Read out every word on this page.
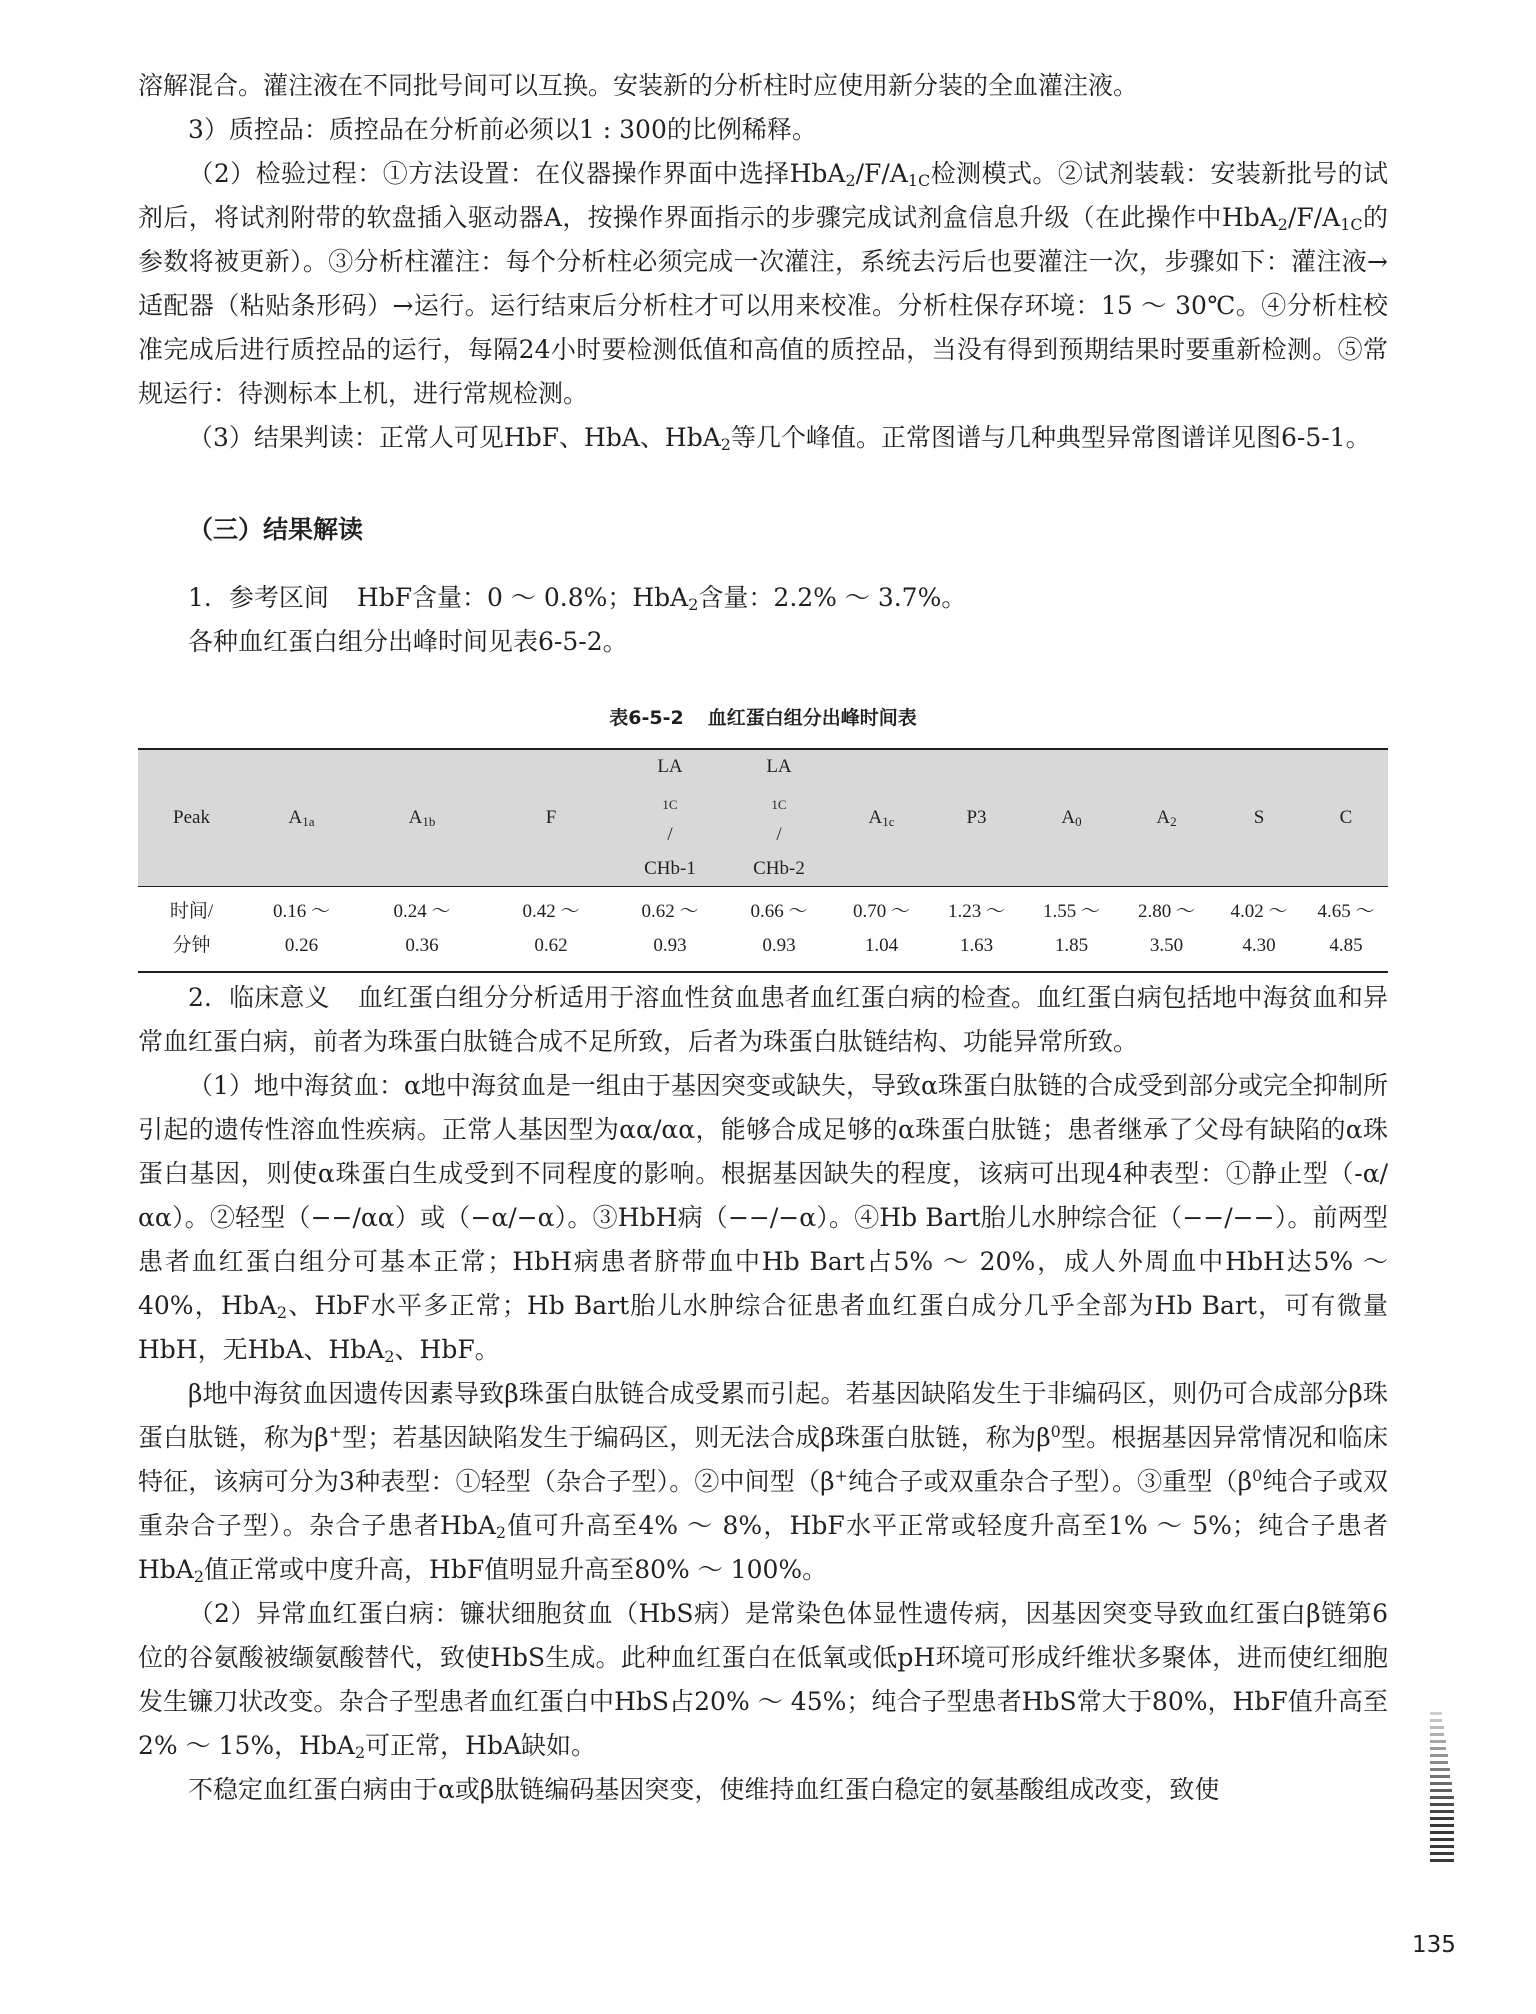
溶解混合。灌注液在不同批号间可以互换。安装新的分析柱时应使用新分装的全血灌注液。

3）质控品：质控品在分析前必须以1 : 300的比例稀释。

（2）检验过程：①方法设置：在仪器操作界面中选择$HbA_2/F/A_{1C}$检测模式。②试剂装载：安装新批号的试剂后，将试剂附带的软盘插入驱动器A，按操作界面指示的步骤完成试剂盒信息升级（在此操作中$HbA_2/F/A_{1C}$的参数将被更新）。③分析柱灌注：每个分析柱必须完成一次灌注，系统去污后也要灌注一次，步骤如下：灌注液→适配器（粘贴条形码）→运行。运行结束后分析柱才可以用来校准。分析柱保存环境：15 ～ 30℃。④分析柱校准完成后进行质控品的运行，每隔24小时要检测低值和高值的质控品，当没有得到预期结果时要重新检测。⑤常规运行：待测标本上机，进行常规检测。

（3）结果判读：正常人可见HbF、HbA、HbA$_2$等几个峰值。正常图谱与几种典型异常图谱详见图6-5-1。

（三）结果解读

1．参考区间 HbF含量：0 ～ 0.8%；HbA$_2$含量：2.2% ～ 3.7%。

各种血红蛋白组分出峰时间见表6-5-2。

表6-5-2 血红蛋白组分出峰时间表

Peak	$A_{1a}$	$A_{1b}$	F	LA
$_{1C}$
/
CHb-1	LA
$_{1C}$
/
CHb-2	$A_{1c}$	P3	$A_0$	$A_2$	S	C

时间/
分钟	0.16 ～
0.26	0.24 ～
0.36	0.42 ～
0.62	0.62 ～
0.93	0.66 ～
0.93	0.70 ～
1.04	1.23 ～
1.63	1.55 ～
1.85	2.80 ～
3.50	4.02 ～
4.30	4.65 ～
4.85

2．临床意义 血红蛋白组分分析适用于溶血性贫血患者血红蛋白病的检查。血红蛋白病包括地中海贫血和异常血红蛋白病，前者为珠蛋白肽链合成不足所致，后者为珠蛋白肽链结构、功能异常所致。

（1）地中海贫血：α地中海贫血是一组由于基因突变或缺失，导致α珠蛋白肽链的合成受到部分或完全抑制所引起的遗传性溶血性疾病。正常人基因型为αα/αα，能够合成足够的α珠蛋白肽链；患者继承了父母有缺陷的α珠蛋白基因，则使α珠蛋白生成受到不同程度的影响。根据基因缺失的程度，该病可出现4种表型：①静止型（-α/αα）。②轻型（−−/αα）或（−α/−α）。③HbH病（−−/−α）。④Hb Bart胎儿水肿综合征（−−/−−）。前两型患者血红蛋白组分可基本正常；HbH病患者脐带血中Hb Bart占5% ～ 20%，成人外周血中HbH达5% ～ 40%，HbA$_2$、HbF水平多正常；Hb Bart胎儿水肿综合征患者血红蛋白成分几乎全部为Hb Bart，可有微量HbH，无HbA、HbA$_2$、HbF。

β地中海贫血因遗传因素导致β珠蛋白肽链合成受累而引起。若基因缺陷发生于非编码区，则仍可合成部分β珠蛋白肽链，称为β+型；若基因缺陷发生于编码区，则无法合成β珠蛋白肽链，称为$\beta^0$型。根据基因异常情况和临床特征，该病可分为3种表型：①轻型（杂合子型）。②中间型（β+纯合子或双重杂合子型）。③重型（$\beta^0$纯合子或双重杂合子型）。杂合子患者HbA$_2$值可升高至4% ～ 8%，HbF水平正常或轻度升高至1% ～ 5%；纯合子患者HbA$_2$值正常或中度升高，HbF值明显升高至80% ～ 100%。

（2）异常血红蛋白病：镰状细胞贫血（HbS病）是常染色体显性遗传病，因基因突变导致血红蛋白β链第6位的谷氨酸被缬氨酸替代，致使HbS生成。此种血红蛋白在低氧或低pH环境可形成纤维状多聚体，进而使红细胞发生镰刀状改变。杂合子型患者血红蛋白中HbS占20% ～ 45%；纯合子型患者HbS常大于80%，HbF值升高至2% ～ 15%，HbA$_2$可正常，HbA缺如。

不稳定血红蛋白病由于α或β肽链编码基因突变，使维持血红蛋白稳定的氨基酸组成改变，致使

135
